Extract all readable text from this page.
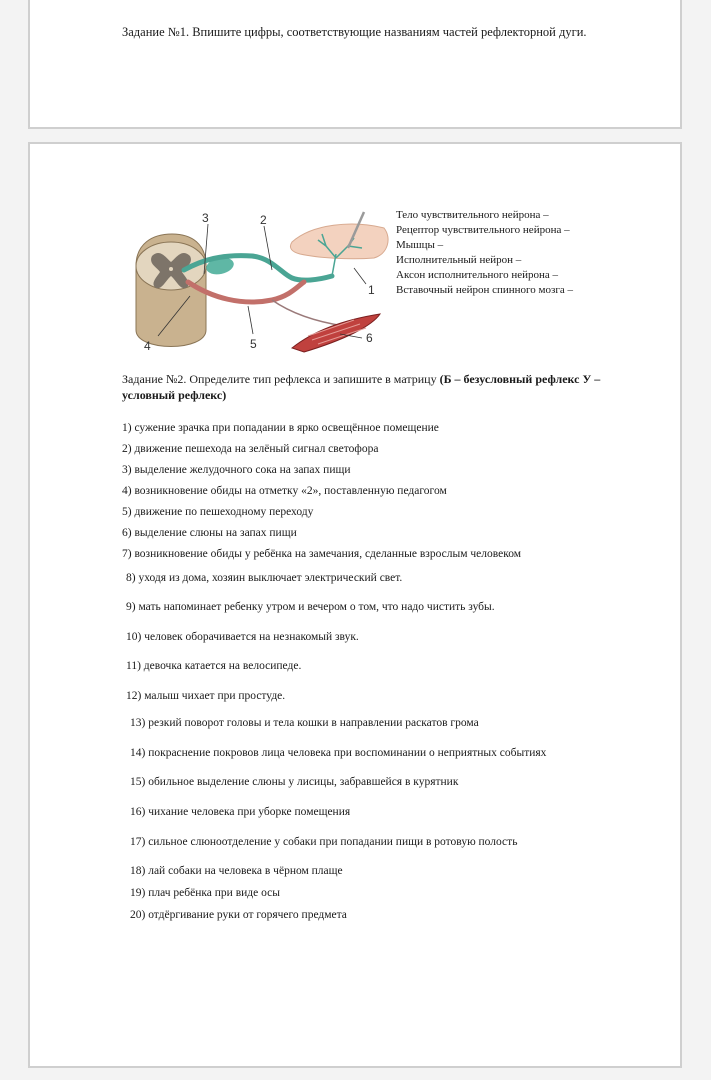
Задание №1. Впишите цифры, соответствующие названиям частей рефлекторной дуги.
1
2
3
4	5	6
Тело чувствительного нейрона –
Рецептор чувствительного нейрона –
Мышцы –
Исполнительный нейрон –
Аксон исполнительного нейрона –
Вставочный нейрон спинного мозга –
Задание №2. Определите тип рефлекса и запишите в матрицу (Б – безусловный рефлекс У – условный рефлекс)
1) сужение зрачка при попадании в ярко освещённое помещение
2) движение пешехода на зелёный сигнал светофора
3) выделение желудочного сока на запах пищи
4) возникновение обиды на отметку «2», поставленную педагогом
5) движение по пешеходному переходу
6) выделение слюны на запах пищи
7) возникновение обиды у ребёнка на замечания, сделанные взрослым человеком
8) уходя из дома, хозяин выключает электрический свет.
9) мать напоминает ребенку утром и вечером о том, что надо чистить зубы.
10) человек оборачивается на незнакомый звук.
11) девочка катается на велосипеде.
12) малыш чихает при простуде.
13) резкий поворот головы и тела кошки в направлении раскатов грома
14) покраснение покровов лица человека при воспоминании о неприятных событиях
15) обильное выделение слюны у лисицы, забравшейся в курятник
16) чихание человека при уборке помещения
17) сильное слюноотделение у собаки при попадании пищи в ротовую полость
18) лай собаки на человека в чёрном плаще
19) плач ребёнка при виде осы
20) отдёргивание руки от горячего предмета
